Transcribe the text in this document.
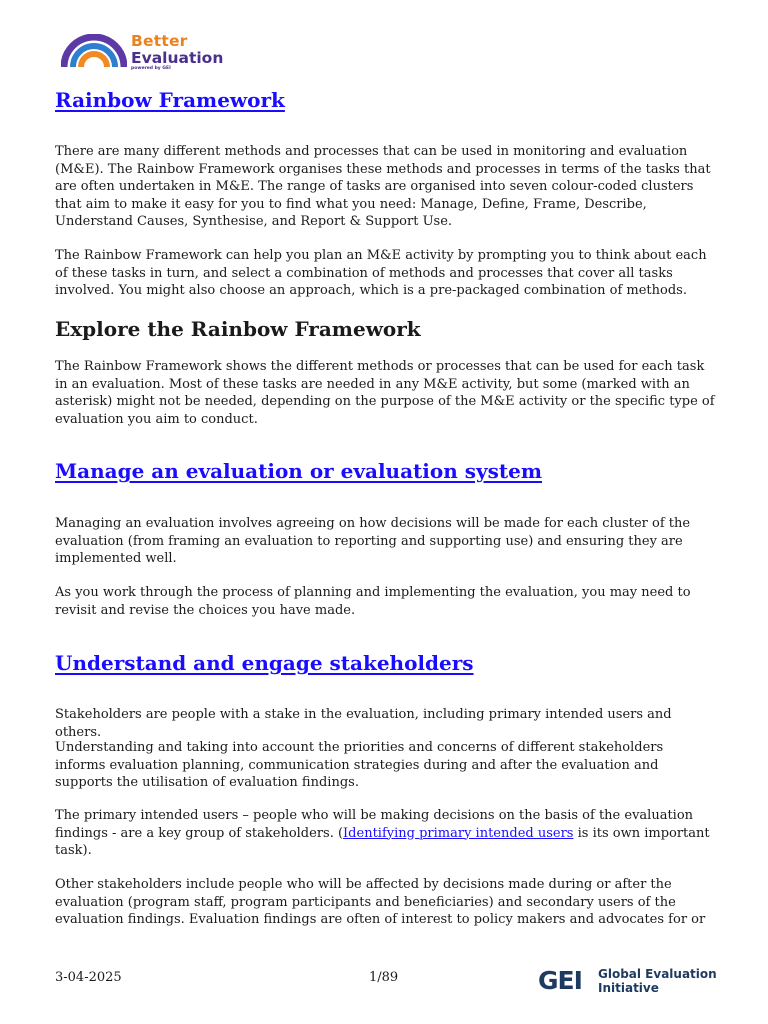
Better
Evaluation
powered by GEI
Rainbow Framework

There are many different methods and processes that can be used in monitoring and evaluation (M&E). The Rainbow Framework organises these methods and processes in terms of the tasks that are often undertaken in M&E. The range of tasks are organised into seven colour-coded clusters that aim to make it easy for you to find what you need: Manage, Define, Frame, Describe, Understand Causes, Synthesise, and Report & Support Use.

The Rainbow Framework can help you plan an M&E activity by prompting you to think about each of these tasks in turn, and select a combination of methods and processes that cover all tasks involved. You might also choose an approach, which is a pre-packaged combination of methods.

Explore the Rainbow Framework

The Rainbow Framework shows the different methods or processes that can be used for each task in an evaluation. Most of these tasks are needed in any M&E activity, but some (marked with an asterisk) might not be needed, depending on the purpose of the M&E activity or the specific type of evaluation you aim to conduct.

Manage an evaluation or evaluation system

Managing an evaluation involves agreeing on how decisions will be made for each cluster of the evaluation (from framing an evaluation to reporting and supporting use) and ensuring they are implemented well.

As you work through the process of planning and implementing the evaluation, you may need to revisit and revise the choices you have made.

Understand and engage stakeholders

Stakeholders are people with a stake in the evaluation, including primary intended users and others.

Understanding and taking into account the priorities and concerns of different stakeholders informs evaluation planning, communication strategies during and after the evaluation and supports the utilisation of evaluation findings.

The primary intended users – people who will be making decisions on the basis of the evaluation findings - are a key group of stakeholders. (Identifying primary intended users is its own important task).

Other stakeholders include people who will be affected by decisions made during or after the evaluation (program staff, program participants and beneficiaries) and secondary users of the evaluation findings. Evaluation findings are often of interest to policy makers and advocates for or

3-04-2025	1/89	GEI Global Evaluation
Initiative
